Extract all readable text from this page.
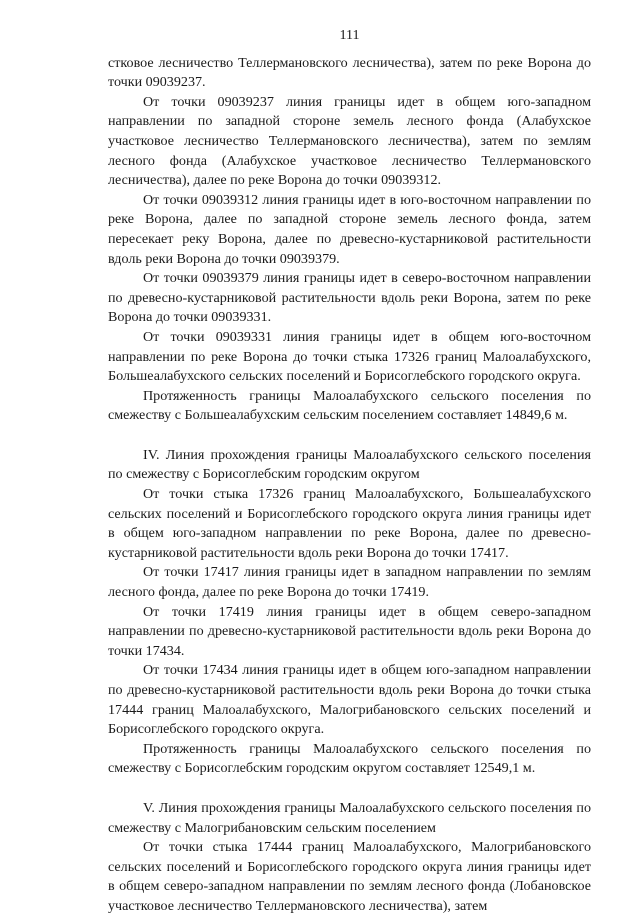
111

стковое лесничество Теллермановского лесничества), затем по реке Воронa до точки 09039237.

От точки 09039237 линия границы идет в общем юго-западном направлении по западной стороне земель лесного фонда (Алабухское участковое лесничество Теллермановского лесничества), затем по землям лесного фонда (Алабухское участковое лесничество Теллермановского лесничества), далее по реке Ворона до точки 09039312.

От точки 09039312 линия границы идет в юго-восточном направлении по реке Ворона, далее по западной стороне земель лесного фонда, затем пересекает реку Ворона, далее по древесно-кустарниковой растительности вдоль реки Ворона до точки 09039379.

От точки 09039379 линия границы идет в северо-восточном направлении по древесно-кустарниковой растительности вдоль реки Ворона, затем по реке Ворона до точки 09039331.

От точки 09039331 линия границы идет в общем юго-восточном направлении по реке Ворона до точки стыка 17326 границ Малоалабухского, Большеалабухского сельских поселений и Борисоглебского городского округа.

Протяженность границы Малоалабухского сельского поселения по смежеству с Большеалабухским сельским поселением составляет 14849,6 м.

IV. Линия прохождения границы Малоалабухского сельского поселения по смежеству с Борисоглебским городским округом

От точки стыка 17326 границ Малоалабухского, Большеалабухского сельских поселений и Борисоглебского городского округа линия границы идет в общем юго-западном направлении по реке Ворона, далее по древесно-кустарниковой растительности вдоль реки Ворона до точки 17417.

От точки 17417 линия границы идет в западном направлении по землям лесного фонда, далее по реке Ворона до точки 17419.

От точки 17419 линия границы идет в общем северо-западном направлении по древесно-кустарниковой растительности вдоль реки Ворона до точки 17434.

От точки 17434 линия границы идет в общем юго-западном направлении по древесно-кустарниковой растительности вдоль реки Ворона до точки стыка 17444 границ Малоалабухского, Малогрибановского сельских поселений и Борисоглебского городского округа.

Протяженность границы Малоалабухского сельского поселения по смежеству с Борисоглебским городским округом составляет 12549,1 м.

V. Линия прохождения границы Малоалабухского сельского поселения по смежеству с Малогрибановским сельским поселением

От точки стыка 17444 границ Малоалабухского, Малогрибановского сельских поселений и Борисоглебского городского округа линия границы идет в общем северо-западном направлении по землям лесного фонда (Лобановское участковое лесничество Теллермановского лесничества), затем
